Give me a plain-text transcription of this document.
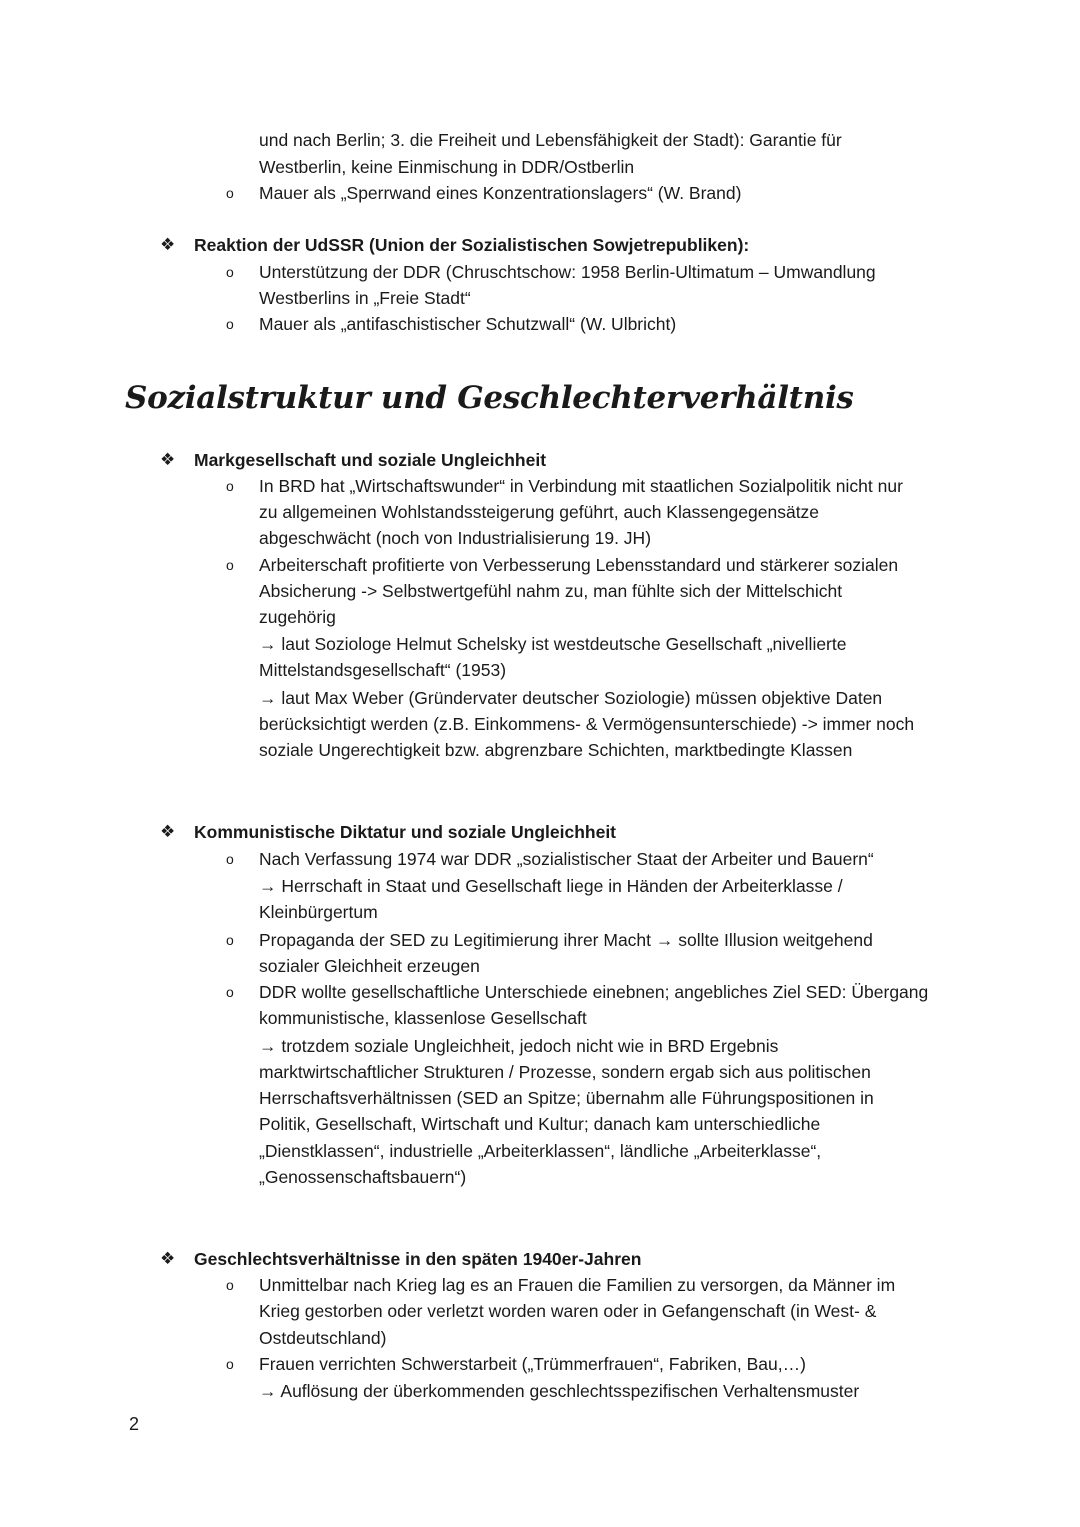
und nach Berlin; 3. die Freiheit und Lebensfähigkeit der Stadt): Garantie für
Westberlin, keine Einmischung in DDR/Ostberlin
o Mauer als „Sperrwand eines Konzentrationslagers“ (W. Brand)
❖ Reaktion der UdSSR (Union der Sozialistischen Sowjetrepubliken):
o Unterstützung der DDR (Chruschtschow: 1958 Berlin-Ultimatum – Umwandlung
Westberlins in „Freie Stadt“
o Mauer als „antifaschistischer Schutzwall“ (W. Ulbricht)
Sozialstruktur und Geschlechterverhältnis
❖ Markgesellschaft und soziale Ungleichheit
o In BRD hat „Wirtschaftswunder“ in Verbindung mit staatlichen Sozialpolitik nicht nur
zu allgemeinen Wohlstandssteigerung geführt, auch Klassengegensätze
abgeschwächt (noch von Industrialisierung 19. JH)
o Arbeiterschaft profitierte von Verbesserung Lebensstandard und stärkerer sozialen
Absicherung -> Selbstwertgefühl nahm zu, man fühlte sich der Mittelschicht
zugehörig
→ laut Soziologe Helmut Schelsky ist westdeutsche Gesellschaft „nivellierte
Mittelstandsgesellschaft“ (1953)
→ laut Max Weber (Gründervater deutscher Soziologie) müssen objektive Daten
berücksichtigt werden (z.B. Einkommens- & Vermögensunterschiede) -> immer noch
soziale Ungerechtigkeit bzw. abgrenzbare Schichten, marktbedingte Klassen
❖ Kommunistische Diktatur und soziale Ungleichheit
o Nach Verfassung 1974 war DDR „sozialistischer Staat der Arbeiter und Bauern“
→ Herrschaft in Staat und Gesellschaft liege in Händen der Arbeiterklasse /
Kleinbürgertum
o Propaganda der SED zu Legitimierung ihrer Macht → sollte Illusion weitgehend
sozialer Gleichheit erzeugen
o DDR wollte gesellschaftliche Unterschiede einebnen; angebliches Ziel SED: Übergang
kommunistische, klassenlose Gesellschaft
→ trotzdem soziale Ungleichheit, jedoch nicht wie in BRD Ergebnis
marktwirtschaftlicher Strukturen / Prozesse, sondern ergab sich aus politischen
Herrschaftsverhältnissen (SED an Spitze; übernahm alle Führungspositionen in
Politik, Gesellschaft, Wirtschaft und Kultur; danach kam unterschiedliche
„Dienstklassen“, industrielle „Arbeiterklassen“, ländliche „Arbeiterklasse“,
„Genossenschaftsbauern“)
❖ Geschlechtsverhältnisse in den späten 1940er-Jahren
o Unmittelbar nach Krieg lag es an Frauen die Familien zu versorgen, da Männer im
Krieg gestorben oder verletzt worden waren oder in Gefangenschaft (in West- &
Ostdeutschland)
o Frauen verrichten Schwerstarbeit („Trümmerfrauen“, Fabriken, Bau,…)
→ Auflösung der überkommenden geschlechtsspezifischen Verhaltensmuster
2
